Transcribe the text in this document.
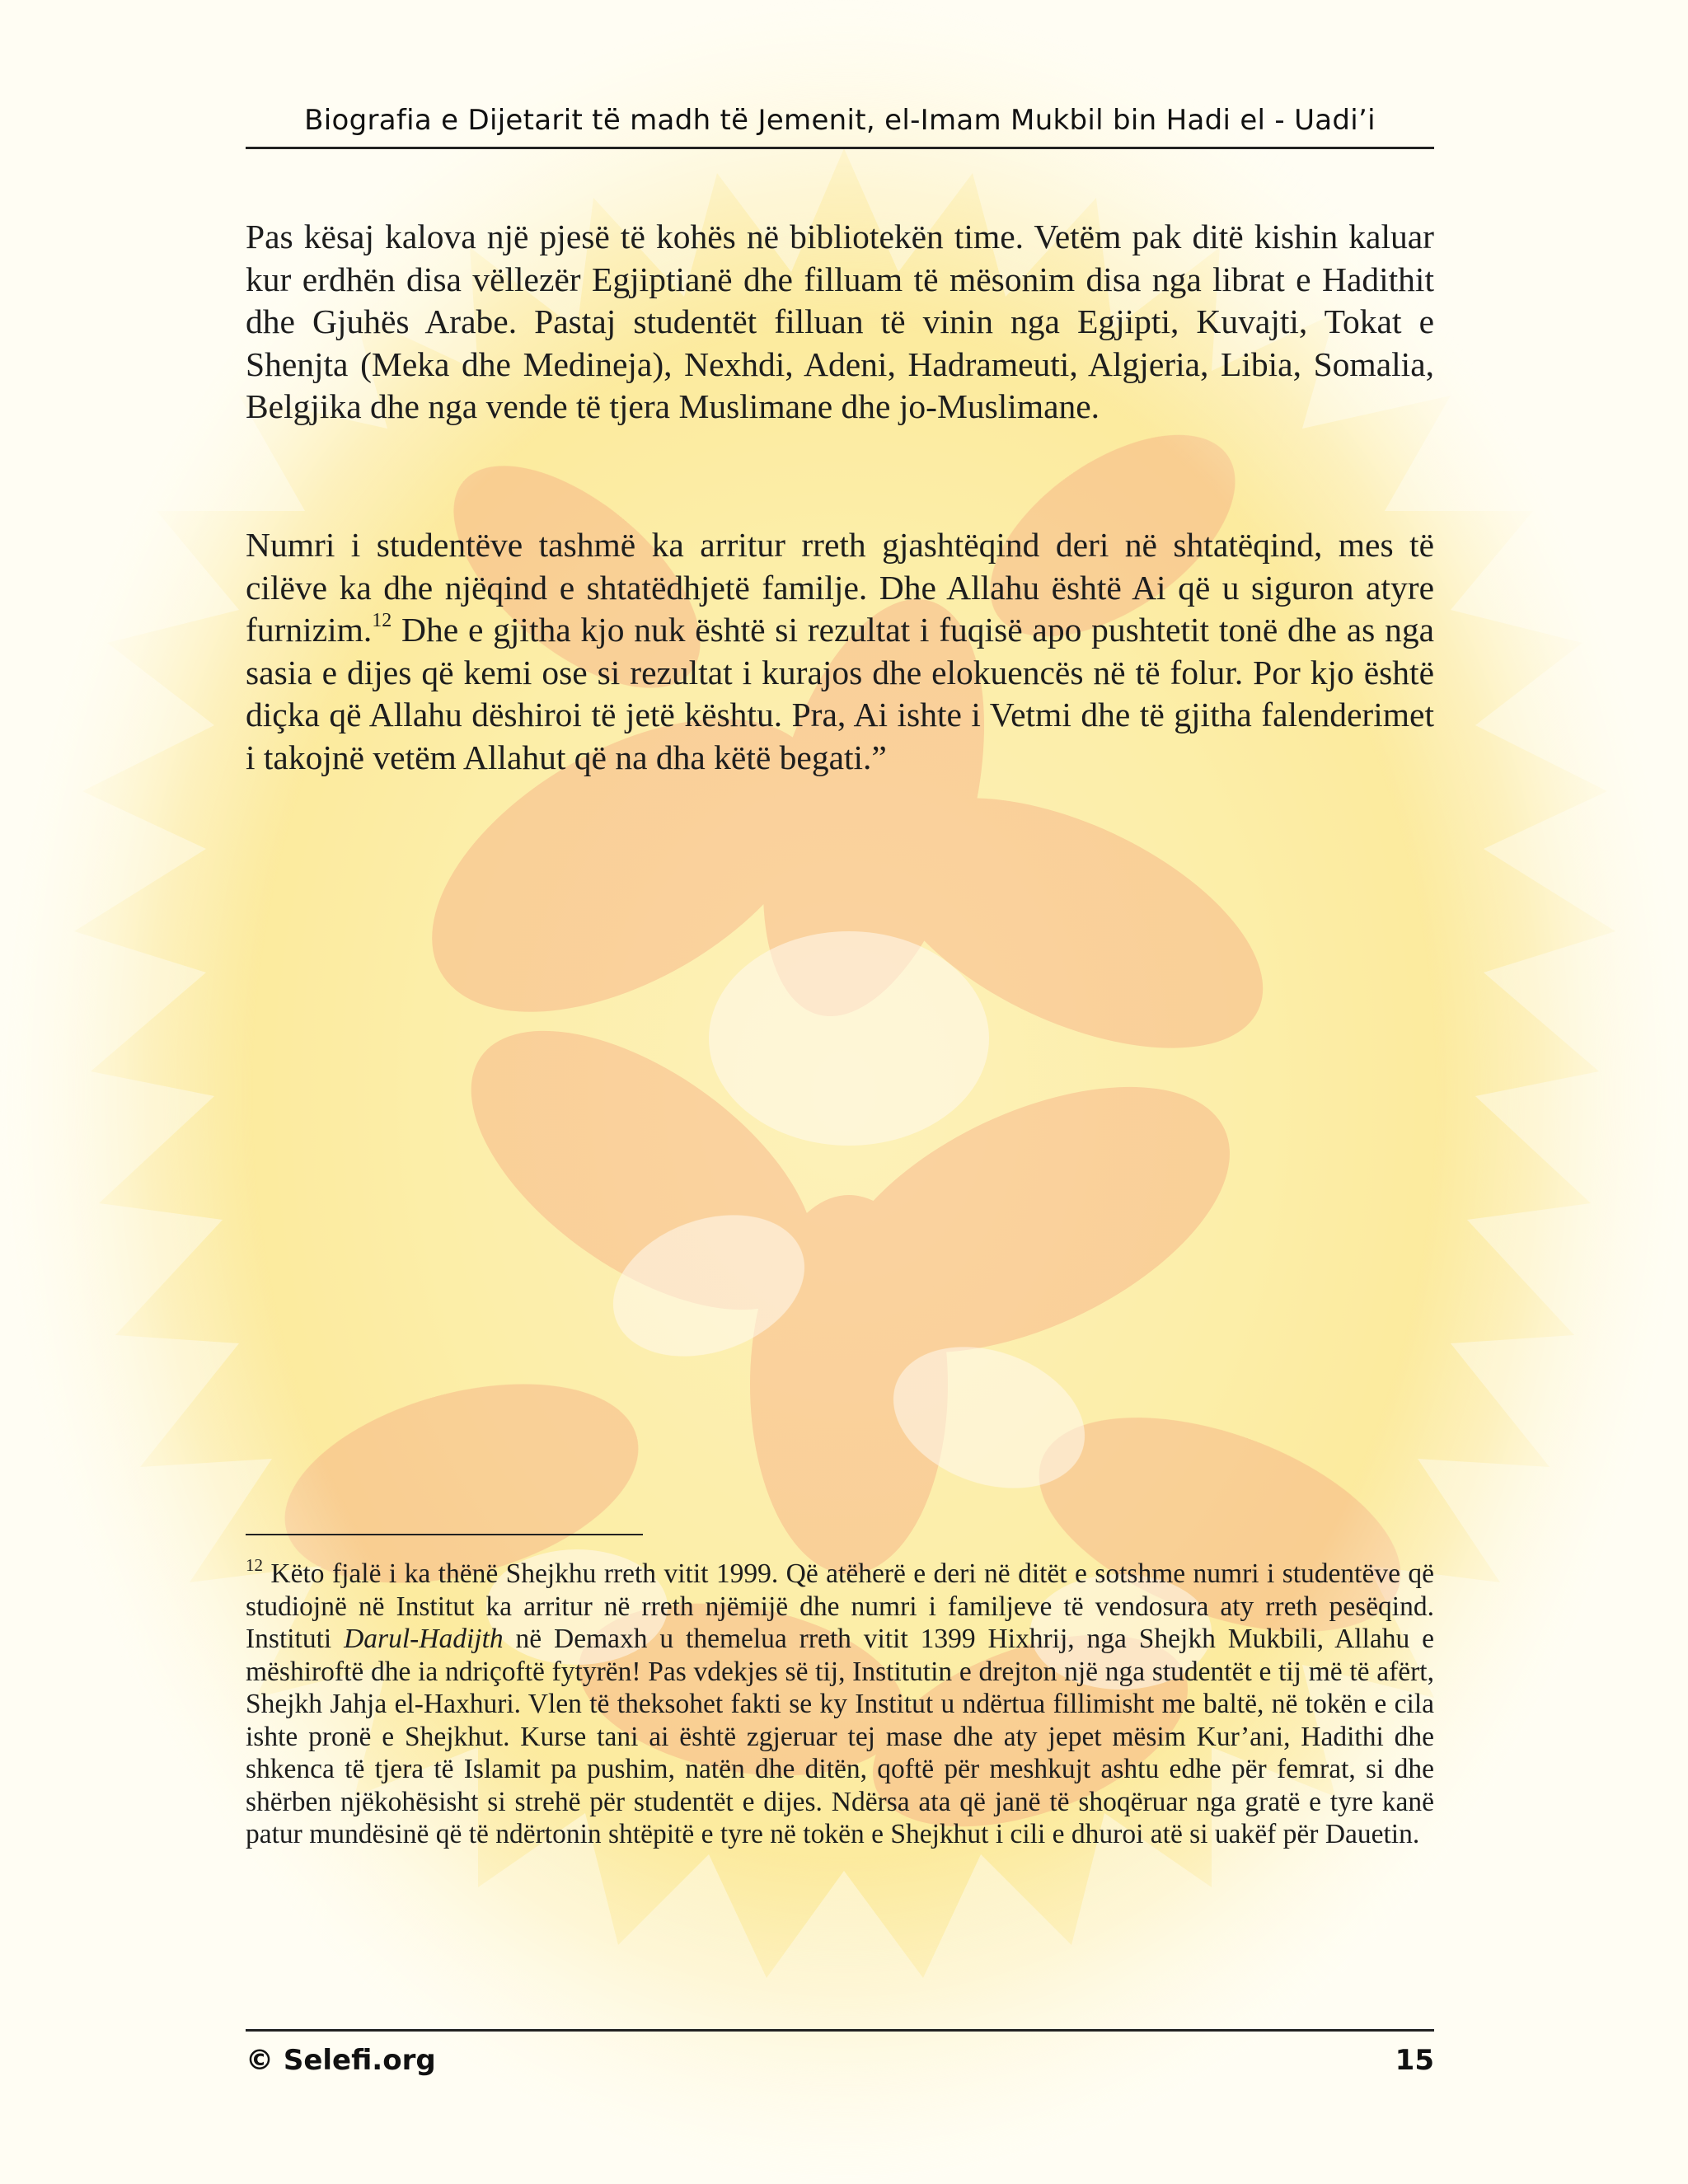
Biografia e Dijetarit të madh të Jemenit, el-Imam Mukbil bin Hadi el - Uadi’i
Pas kësaj kalova një pjesë të kohës në bibliotekën time. Vetëm pak ditë kishin kaluar kur erdhën disa vëllezër Egjiptianë dhe filluam të mësonim disa nga librat e Hadithit dhe Gjuhës Arabe. Pastaj studentët filluan të vinin nga Egjipti, Kuvajti, Tokat e Shenjta (Meka dhe Medineja), Nexhdi, Adeni, Hadrameuti, Algjeria, Libia, Somalia, Belgjika dhe nga vende të tjera Muslimane dhe jo-Muslimane.
Numri i studentëve tashmë ka arritur rreth gjashtëqind deri në shtatëqind, mes të cilëve ka dhe njëqind e shtatëdhjetë familje. Dhe Allahu është Ai që u siguron atyre furnizim.$^{12}$ Dhe e gjitha kjo nuk është si rezultat i fuqisë apo pushtetit tonë dhe as nga sasia e dijes që kemi ose si rezultat i kurajos dhe elokuencës në të folur. Por kjo është diçka që Allahu dëshiroi të jetë kështu. Pra, Ai ishte i Vetmi dhe të gjitha falenderimet i takojnë vetëm Allahut që na dha këtë begati.”
$^{12}$ Këto fjalë i ka thënë Shejkhu rreth vitit 1999. Që atëherë e deri në ditët e sotshme numri i studentëve që studiojnë në Institut ka arritur në rreth njëmijë dhe numri i familjeve të vendosura aty rreth pesëqind. Instituti Darul-Hadijth në Demaxh u themelua rreth vitit 1399 Hixhrij, nga Shejkh Mukbili, Allahu e mëshiroftë dhe ia ndriçoftë fytyrën! Pas vdekjes së tij, Institutin e drejton një nga studentët e tij më të afërt, Shejkh Jahja el-Haxhuri. Vlen të theksohet fakti se ky Institut u ndërtua fillimisht me baltë, në tokën e cila ishte pronë e Shejkhut. Kurse tani ai është zgjeruar tej mase dhe aty jepet mësim Kur’ani, Hadithi dhe shkenca të tjera të Islamit pa pushim, natën dhe ditën, qoftë për meshkujt ashtu edhe për femrat, si dhe shërben njëkohësisht si strehë për studentët e dijes. Ndërsa ata që janë të shoqëruar nga gratë e tyre kanë patur mundësinë që të ndërtonin shtëpitë e tyre në tokën e Shejkhut i cili e dhuroi atë si uakëf për Dauetin.
© Selefi.org	15
